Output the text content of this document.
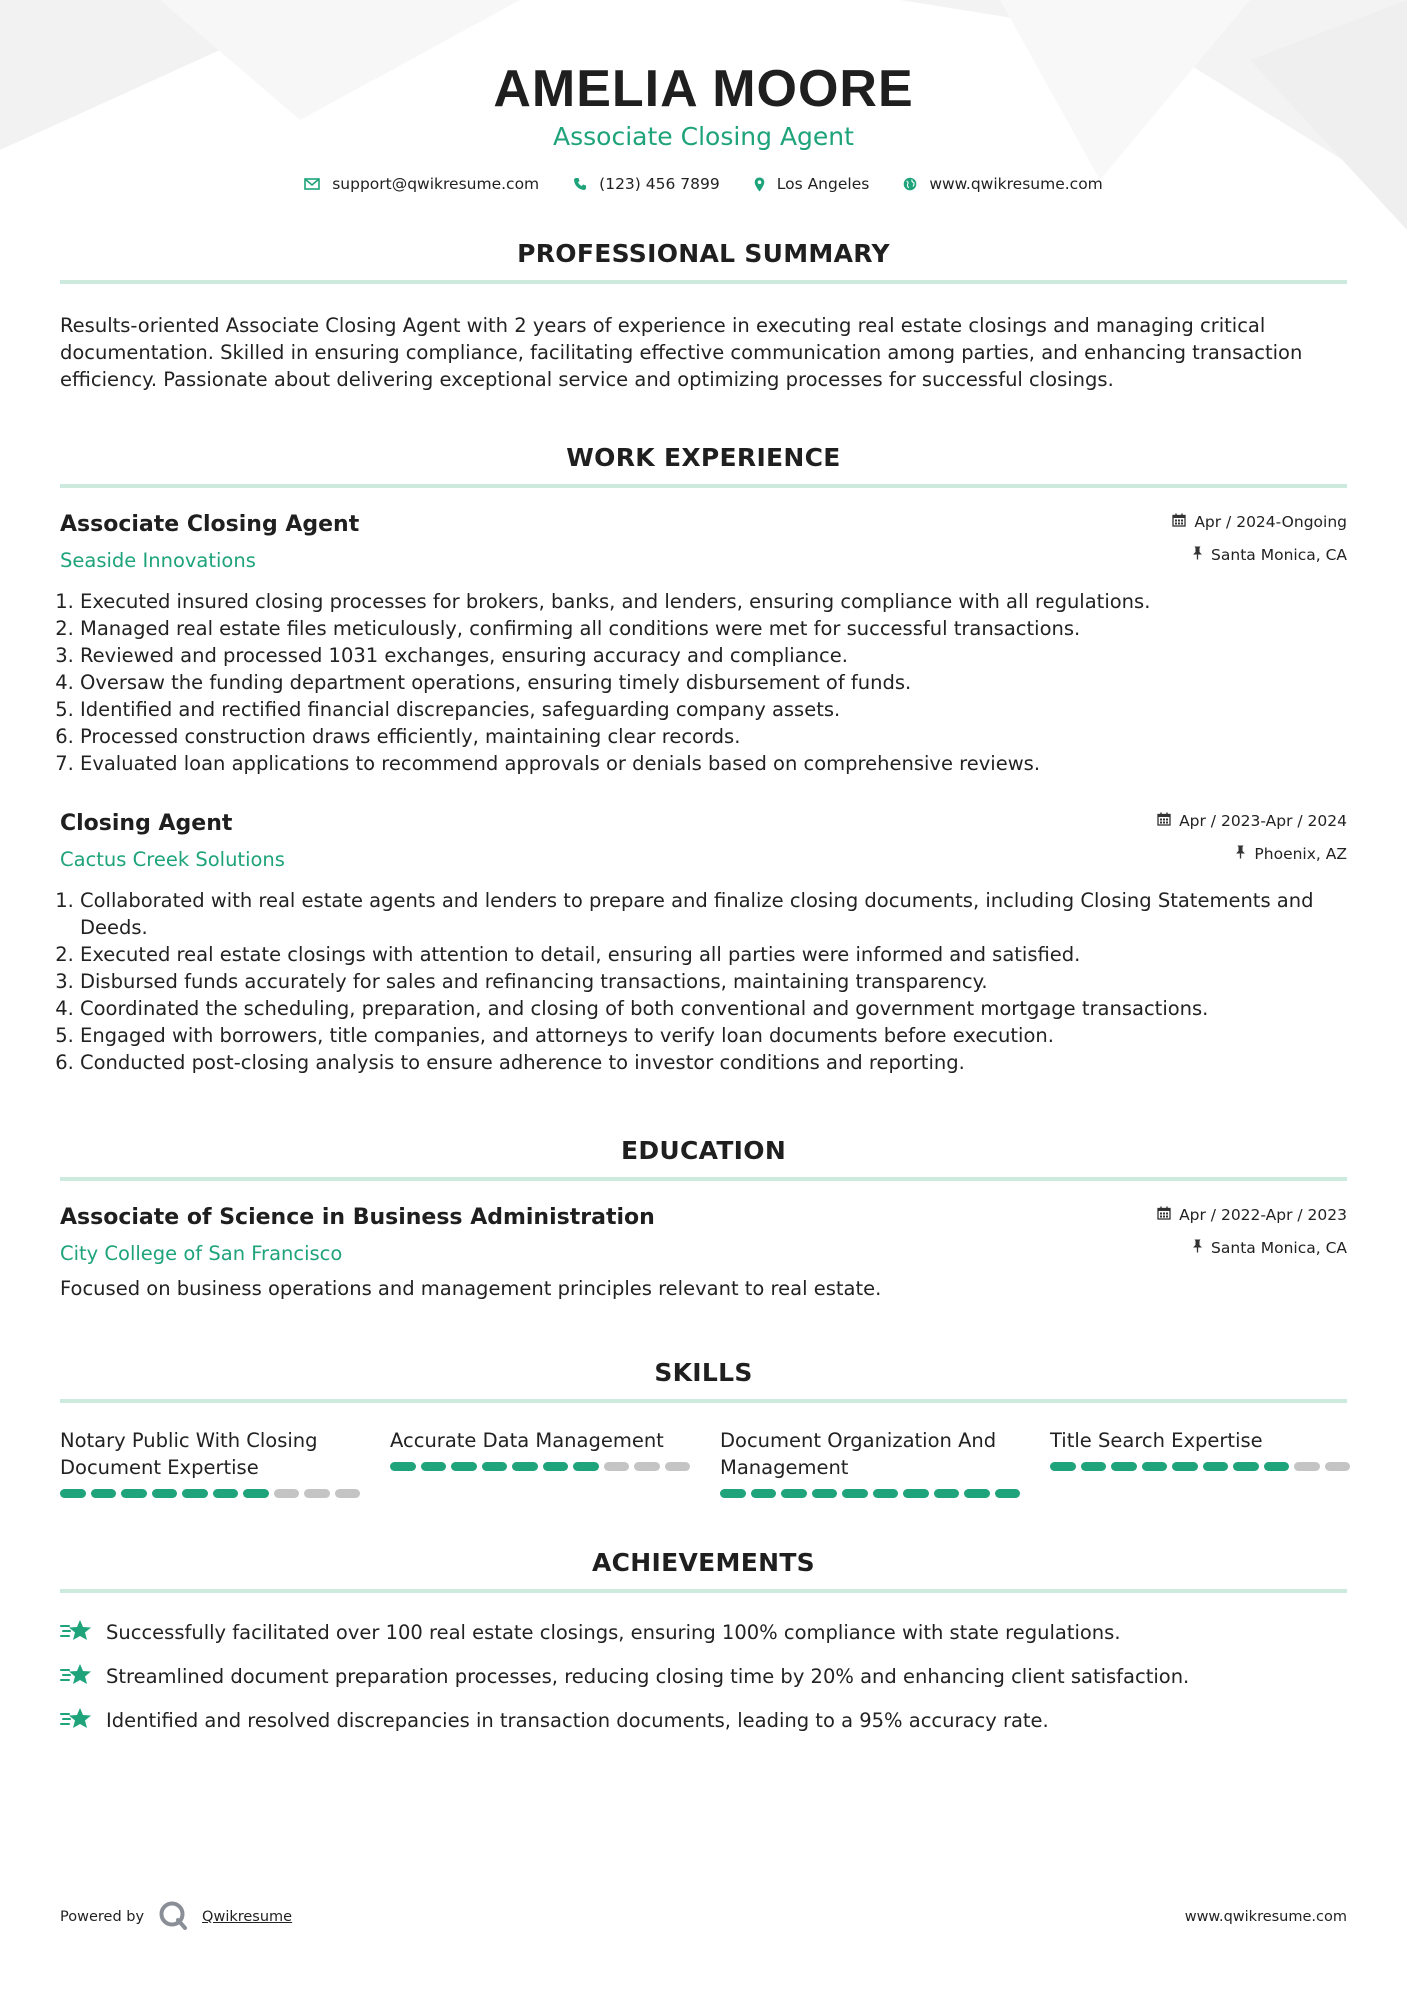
AMELIA MOORE
Associate Closing Agent
support@qwikresume.com	(123) 456 7899	Los Angeles	www.qwikresume.com
PROFESSIONAL SUMMARY
Results-oriented Associate Closing Agent with 2 years of experience in executing real estate closings and managing critical documentation. Skilled in ensuring compliance, facilitating effective communication among parties, and enhancing transaction efficiency. Passionate about delivering exceptional service and optimizing processes for successful closings.
WORK EXPERIENCE
Associate Closing Agent
Seaside Innovations
Apr / 2024-Ongoing
Santa Monica, CA
1. Executed insured closing processes for brokers, banks, and lenders, ensuring compliance with all regulations.
2. Managed real estate files meticulously, confirming all conditions were met for successful transactions.
3. Reviewed and processed 1031 exchanges, ensuring accuracy and compliance.
4. Oversaw the funding department operations, ensuring timely disbursement of funds.
5. Identified and rectified financial discrepancies, safeguarding company assets.
6. Processed construction draws efficiently, maintaining clear records.
7. Evaluated loan applications to recommend approvals or denials based on comprehensive reviews.
Closing Agent
Cactus Creek Solutions
Apr / 2023-Apr / 2024
Phoenix, AZ
1. Collaborated with real estate agents and lenders to prepare and finalize closing documents, including Closing Statements and Deeds.
2. Executed real estate closings with attention to detail, ensuring all parties were informed and satisfied.
3. Disbursed funds accurately for sales and refinancing transactions, maintaining transparency.
4. Coordinated the scheduling, preparation, and closing of both conventional and government mortgage transactions.
5. Engaged with borrowers, title companies, and attorneys to verify loan documents before execution.
6. Conducted post-closing analysis to ensure adherence to investor conditions and reporting.
EDUCATION
Associate of Science in Business Administration
City College of San Francisco
Apr / 2022-Apr / 2023
Santa Monica, CA
Focused on business operations and management principles relevant to real estate.
SKILLS
Notary Public With Closing Document Expertise
Accurate Data Management	Document Organization And Management
Title Search Expertise
ACHIEVEMENTS
Successfully facilitated over 100 real estate closings, ensuring 100% compliance with state regulations.
Streamlined document preparation processes, reducing closing time by 20% and enhancing client satisfaction.
Identified and resolved discrepancies in transaction documents, leading to a 95% accuracy rate.
Powered by	Qwikresume	www.qwikresume.com
